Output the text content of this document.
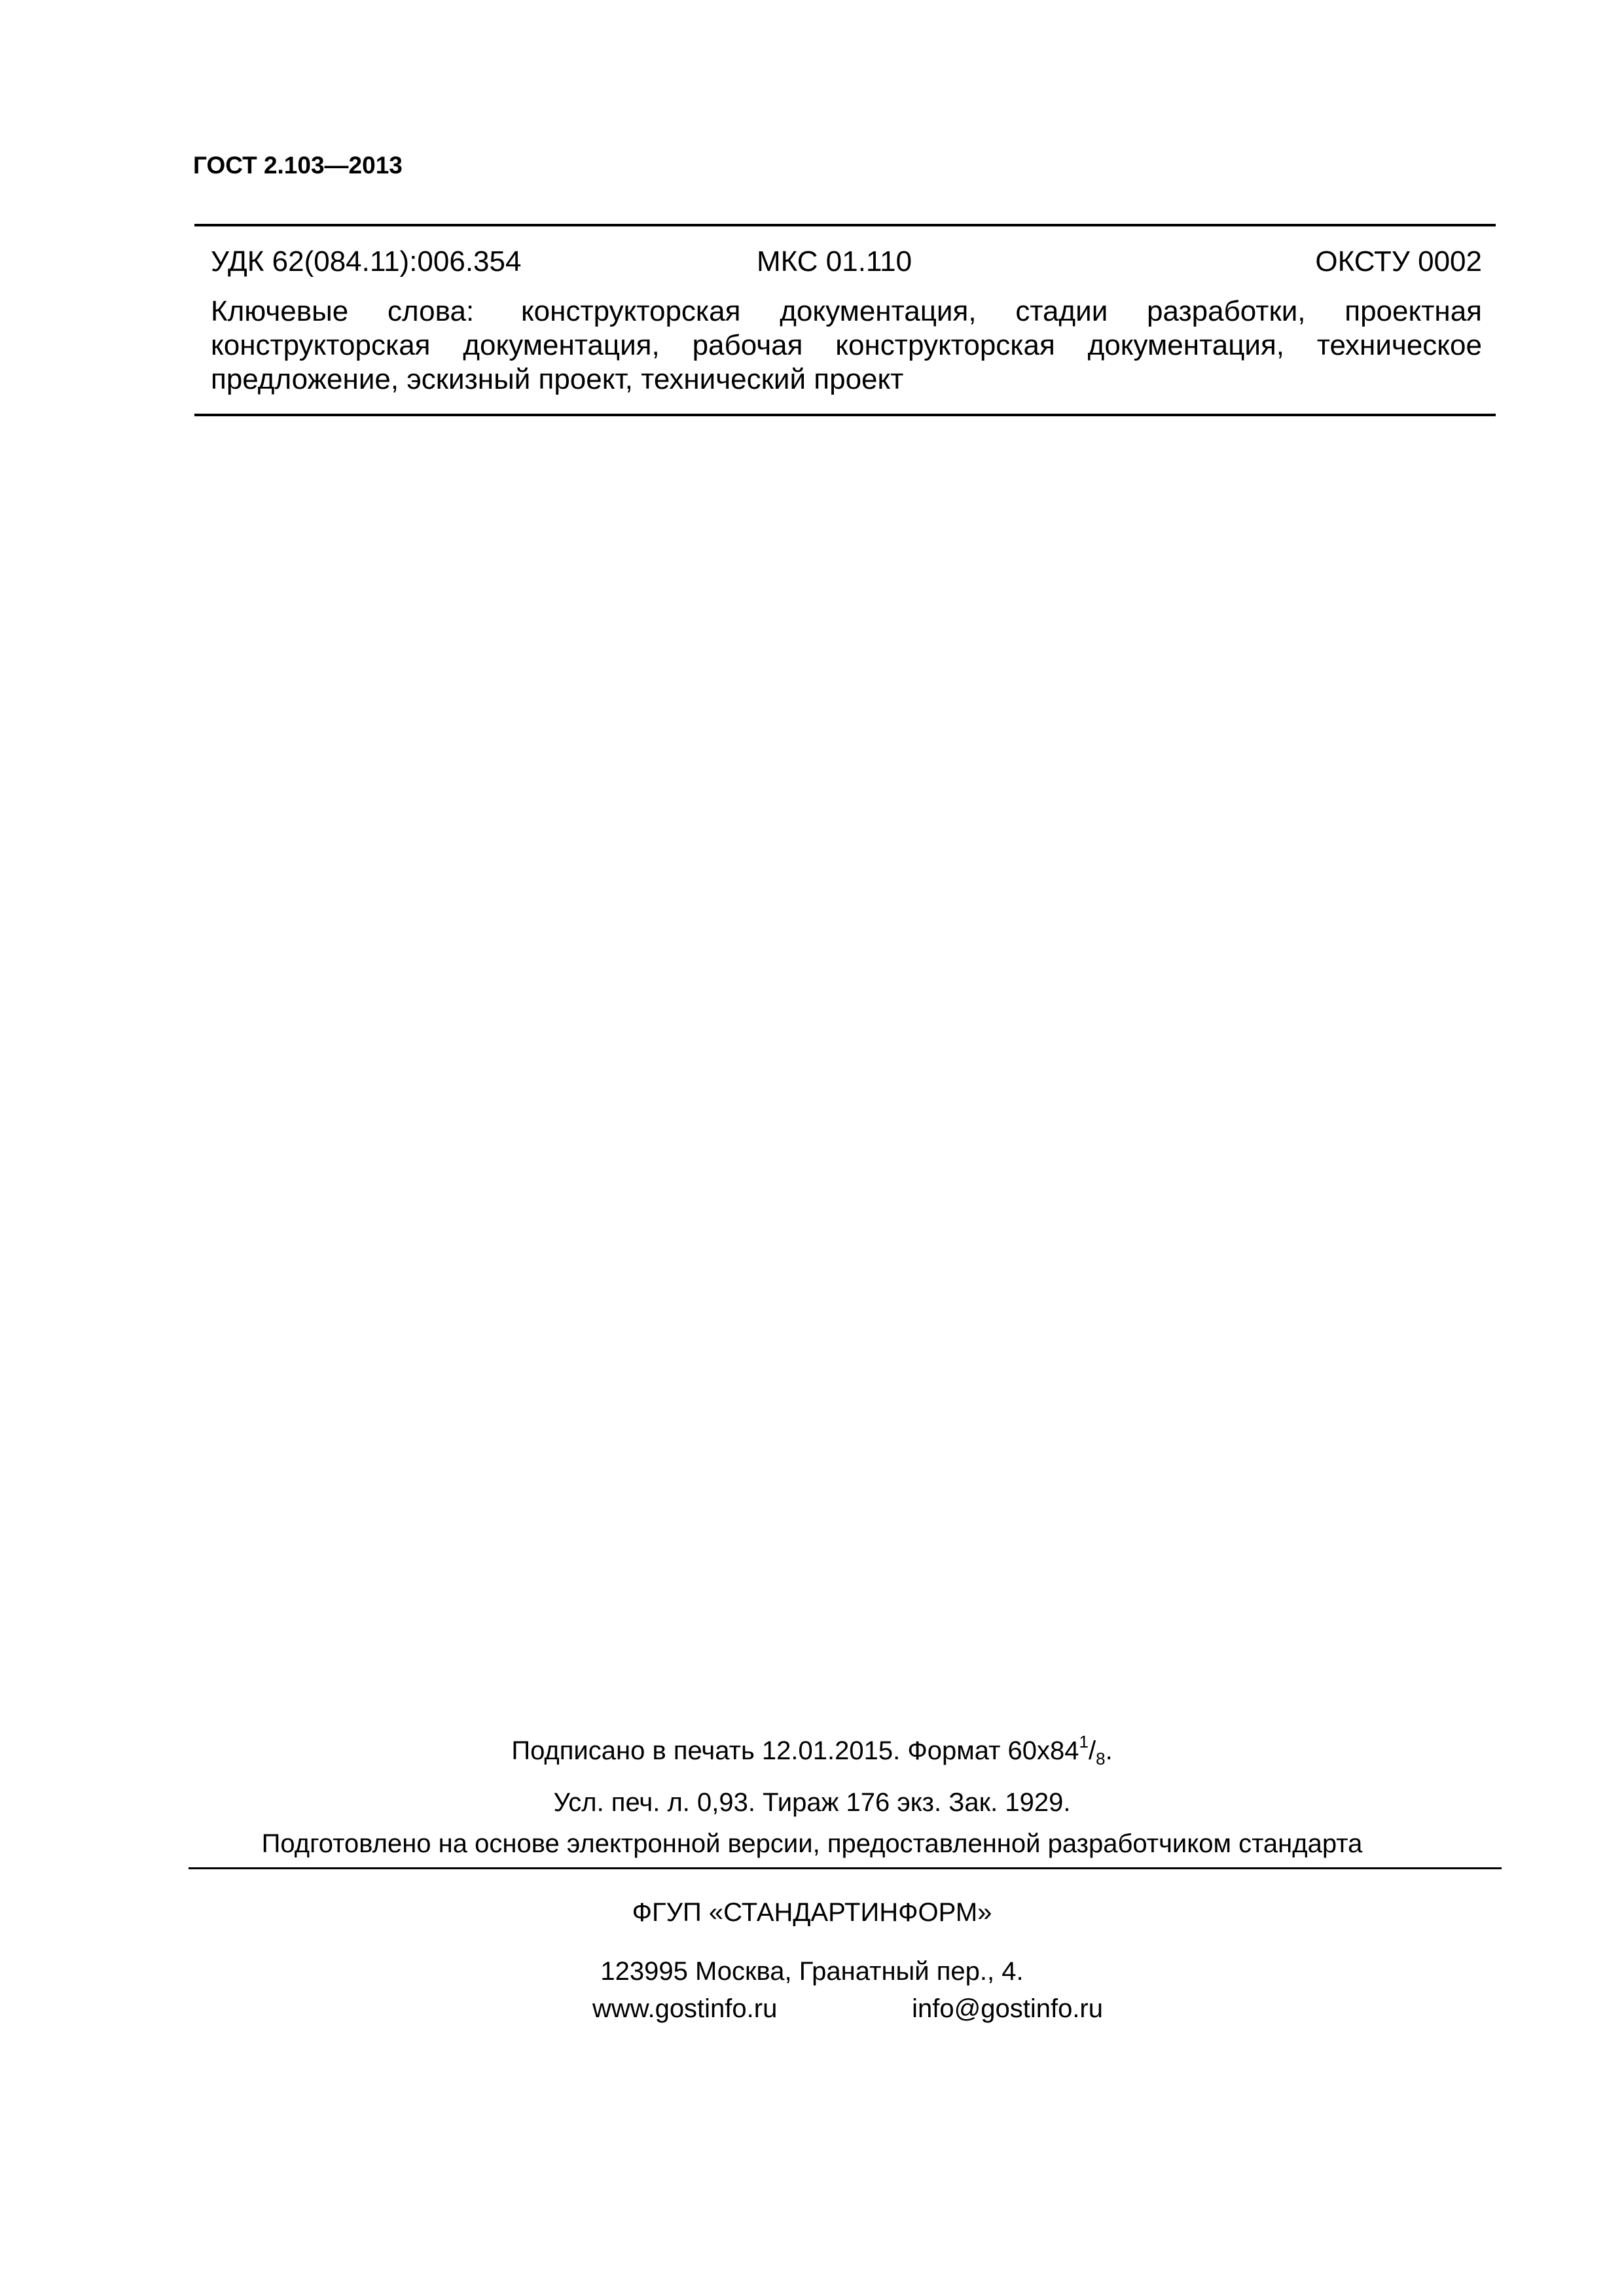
ГОСТ 2.103—2013
УДК 62(084.11):006.354	МКС 01.110	ОКСТУ 0002
Ключевые слова: конструкторская документация, стадии разработки, проектная конструкторская документация, рабочая конструкторская документация, техническое предложение, эскизный проект, технический проект
Подписано в печать 12.01.2015. Формат $60x84^1/_8$.
Усл. печ. л. 0,93. Тираж 176 экз. Зак. 1929.
Подготовлено на основе электронной версии, предоставленной разработчиком стандарта
ФГУП «СТАНДАРТИНФОРМ»
123995 Москва, Гранатный пер., 4.
www.gostinfo.ru	info@gostinfo.ru
